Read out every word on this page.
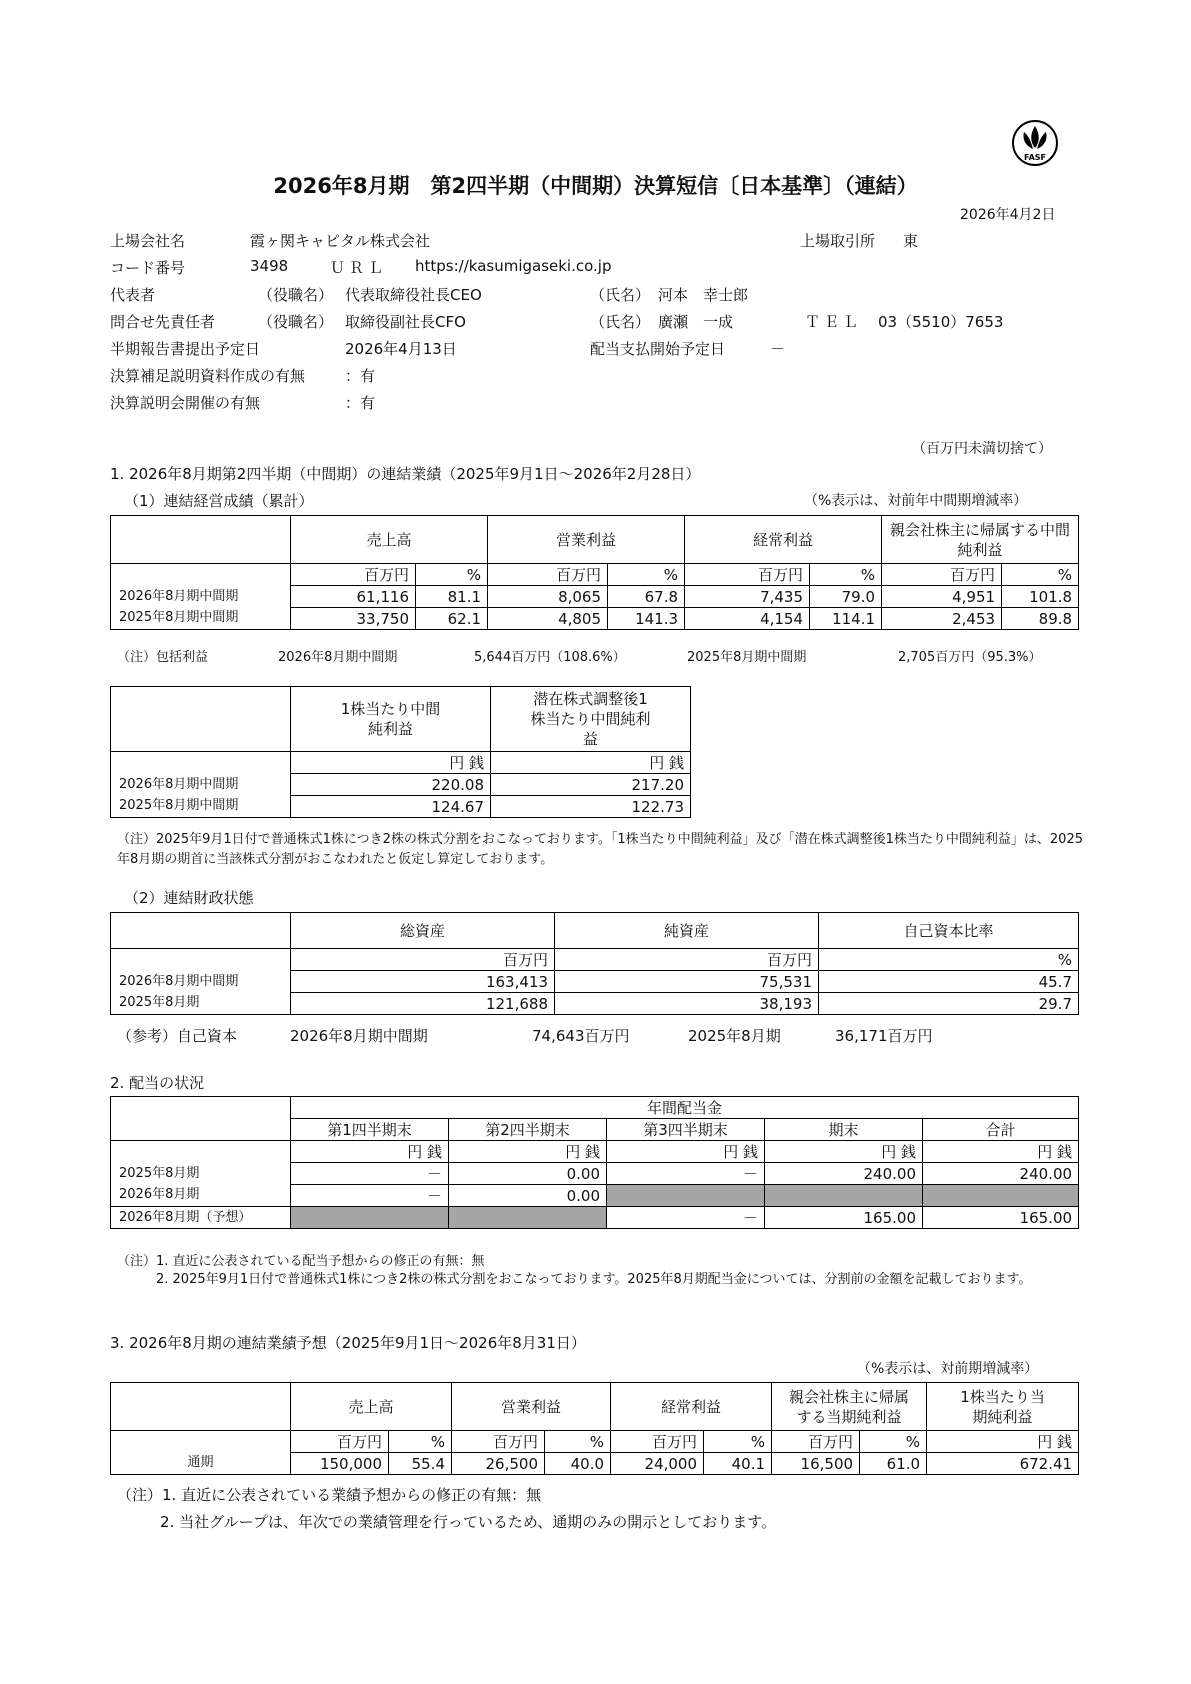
FASF
2026年8月期　第2四半期（中間期）決算短信〔日本基準〕（連結）
2026年4月2日
上場会社名	霞ヶ関キャピタル株式会社	上場取引所 東
コード番号	3498	ＵＲＬ https://kasumigaseki.co.jp
代表者	（役職名） 代表取締役社長CEO	（氏名） 河本　幸士郎
問合せ先責任者	（役職名） 取締役副社長CFO	（氏名） 廣瀬　一成	ＴＥＬ 03（5510）7653
半期報告書提出予定日	2026年4月13日	配当支払開始予定日	－
決算補足説明資料作成の有無	：有
決算説明会開催の有無	：有
（百万円未満切捨て）
1. 2026年8月期第2四半期（中間期）の連結業績（2025年9月1日～2026年2月28日）
（1）連結経営成績（累計）	（%表示は、対前年中間期増減率）
	売上高		営業利益		経常利益		親会社株主に帰属する中間純利益	
	百万円	%	百万円	%	百万円	%	百万円	%
2026年8月期中間期	61,116	81.1	8,065	67.8	7,435	79.0	4,951	101.8
2025年8月期中間期	33,750	62.1	4,805	141.3	4,154	114.1	2,453	89.8
（注）包括利益	2026年8月期中間期	5,644百万円（108.6%）	2025年8月期中間期	2,705百万円（95.3%）
	1株当たり中間純利益	潜在株式調整後1株当たり中間純利益
	円 銭	円 銭
2026年8月期中間期	220.08	217.20
2025年8月期中間期	124.67	122.73
（注）2025年9月1日付で普通株式1株につき2株の株式分割をおこなっております。「1株当たり中間純利益」及び「潜在株式調整後1株当たり中間純利益」は、2025年8月期の期首に当該株式分割がおこなわれたと仮定し算定しております。
（2）連結財政状態
	総資産	純資産	自己資本比率
	百万円	百万円	%
2026年8月期中間期	163,413	75,531	45.7
2025年8月期	121,688	38,193	29.7
（参考）自己資本	2026年8月期中間期	74,643百万円	2025年8月期	36,171百万円
2. 配当の状況
	年間配当金				
	第1四半期末	第2四半期末	第3四半期末	期末	合計
	円 銭	円 銭	円 銭	円 銭	円 銭
2025年8月期	－	0.00	－	240.00	240.00
2026年8月期	－	0.00			
2026年8月期（予想）			－	165.00	165.00
（注）1. 直近に公表されている配当予想からの修正の有無：無
2. 2025年9月1日付で普通株式1株につき2株の株式分割をおこなっております。2025年8月期配当金については、分割前の金額を記載しております。
3. 2026年8月期の連結業績予想（2025年9月1日～2026年8月31日）
（%表示は、対前期増減率）
	売上高		営業利益		経常利益		親会社株主に帰属する当期純利益		1株当たり当期純利益
	百万円	%	百万円	%	百万円	%	百万円	%	円 銭
通期	150,000	55.4	26,500	40.0	24,000	40.1	16,500	61.0	672.41
（注）1. 直近に公表されている業績予想からの修正の有無：無
2. 当社グループは、年次での業績管理を行っているため、通期のみの開示としております。
